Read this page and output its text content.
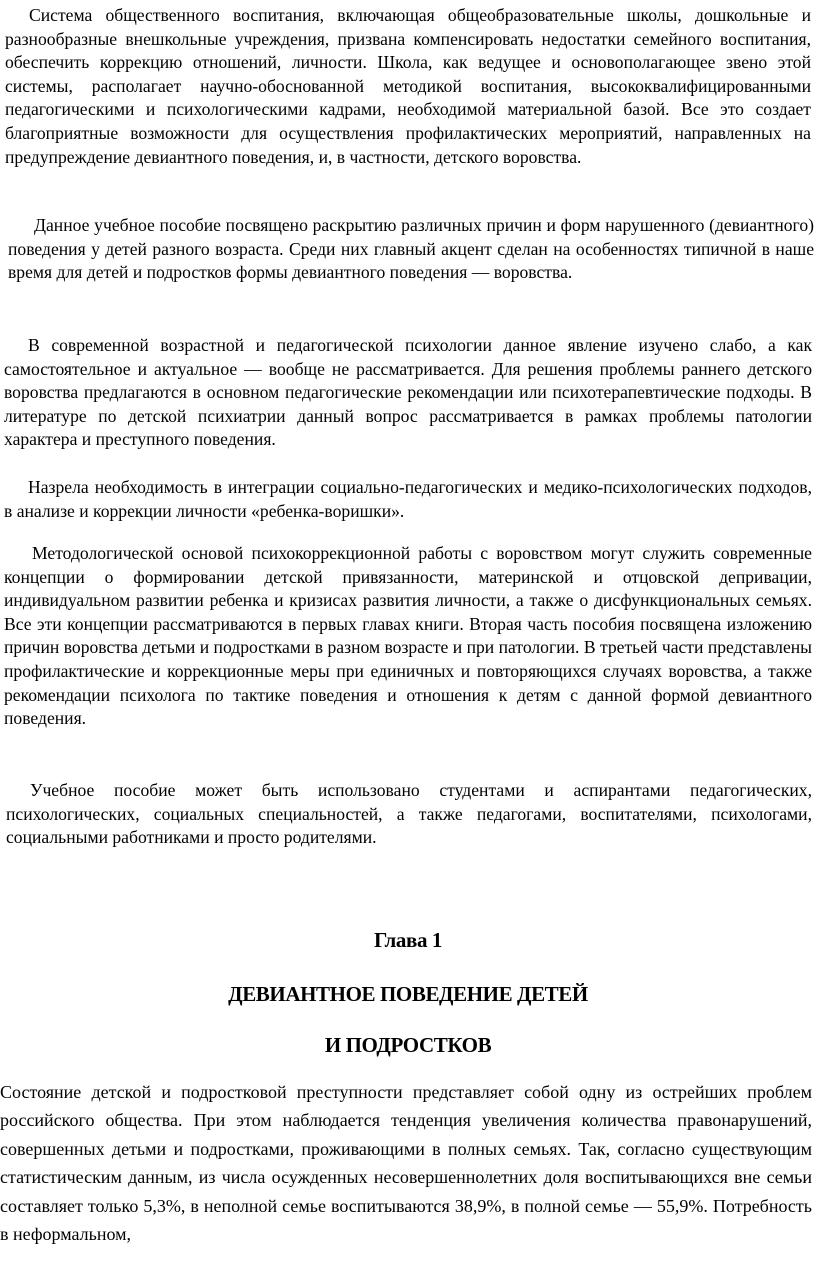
Система общественного воспитания, включающая общеобразовательные школы, дошкольные и разнообразные внешкольные учреждения, призвана компенсировать недостатки семейного воспитания, обеспечить коррекцию отношений, личности. Школа, как ведущее и основополагающее звено этой системы, располагает научно-обоснованной методикой воспитания, высококвалифицированными педагогическими и психологическими кадрами, необходимой материальной базой. Все это создает благоприятные возможности для осуществления профилактических мероприятий, направленных на предупреждение девиантного поведения, и, в частности, детского воровства.

Данное учебное пособие посвящено раскрытию различных причин и форм нарушенного (девиантного) поведения у детей разного возраста. Среди них главный акцент сделан на особенностях типичной в наше время для детей и подростков формы девиантного поведения — воровства.

В современной возрастной и педагогической психологии данное явление изучено слабо, а как самостоятельное и актуальное — вообще не рассматривается. Для решения проблемы раннего детского воровства предлагаются в основном педагогические рекомендации или психотерапевтические подходы. В литературе по детской психиатрии данный вопрос рассматривается в рамках проблемы патологии характера и преступного поведения.

Назрела необходимость в интеграции социально-педагогических и медико-психологических подходов, в анализе и коррекции личности «ребенка-воришки».

Методологической основой психокоррекционной работы с воровством могут служить современные концепции о формировании детской привязанности, материнской и отцовской депривации, индивидуальном развитии ребенка и кризисах развития личности, а также о дисфункциональных семьях. Все эти концепции рассматриваются в первых главах книги. Вторая часть пособия посвящена изложению причин воровства детьми и подростками в разном возрасте и при патологии. В третьей части представлены профилактические и коррекционные меры при единичных и повторяющихся случаях воровства, а также рекомендации психолога по тактике поведения и отношения к детям с данной формой девиантного поведения.

Учебное пособие может быть использовано студентами и аспирантами педагогических, психологических, социальных специальностей, а также педагогами, воспитателями, психологами, социальными работниками и просто родителями.

Глава 1
ДЕВИАНТНОЕ ПОВЕДЕНИЕ ДЕТЕЙ
И ПОДРОСТКОВ

Состояние детской и подростковой преступности представляет собой одну из острейших проблем российского общества. При этом наблюдается тенденция увеличения количества правонарушений, совершенных детьми и подростками, проживающими в полных семьях. Так, согласно существующим статистическим данным, из числа осужденных несовершеннолетних доля воспитывающихся вне семьи составляет только 5,3%, в неполной семье воспитываются 38,9%, в полной семье — 55,9%. Потребность в неформальном,
